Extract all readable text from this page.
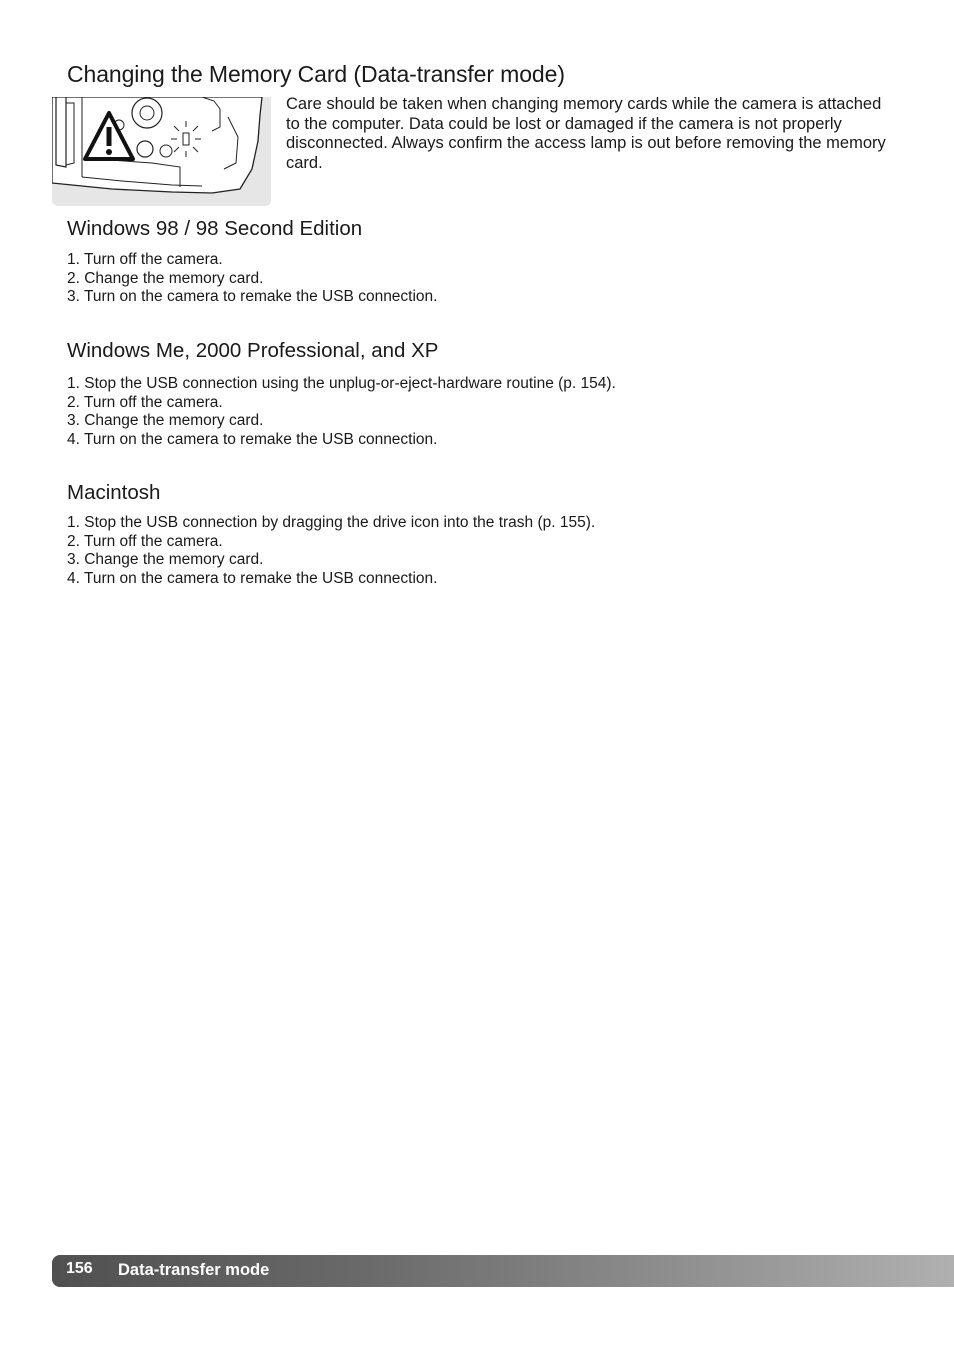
Changing the Memory Card (Data-transfer mode)

Care should be taken when changing memory cards while the camera is attached to the computer. Data could be lost or damaged if the camera is not properly disconnected. Always confirm the access lamp is out before removing the memory card.

Windows 98 / 98 Second Edition
1. Turn off the camera.
2. Change the memory card.
3. Turn on the camera to remake the USB connection.
Windows Me, 2000 Professional, and XP
1. Stop the USB connection using the unplug-or-eject-hardware routine (p. 154).
2. Turn off the camera.
3. Change the memory card.
4. Turn on the camera to remake the USB connection.
Macintosh
1. Stop the USB connection by dragging the drive icon into the trash (p. 155).
2. Turn off the camera.
3. Change the memory card.
4. Turn on the camera to remake the USB connection.
156 Data-transfer mode
